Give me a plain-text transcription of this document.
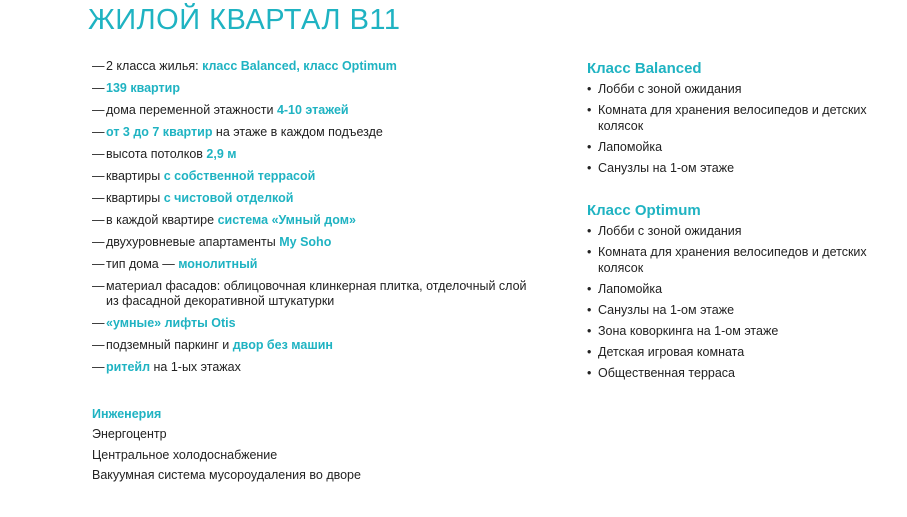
ЖИЛОЙ КВАРТАЛ В11
— 2 класса жилья: класс Balanced, класс Optimum
— 139 квартир
— дома переменной этажности 4-10 этажей
— от 3 до 7 квартир на этаже в каждом подъезде
— высота потолков 2,9 м
— квартиры с собственной террасой
— квартиры с чистовой отделкой
— в каждой квартире система «Умный дом»
— двухуровневые апартаменты My Soho
— тип дома — монолитный
— материал фасадов: облицовочная клинкерная плитка, отделочный слой из фасадной декоративной штукатурки
— «умные» лифты Otis
— подземный паркинг и двор без машин
— ритейл на 1-ых этажах
Инженерия
Энергоцентр
Центральное холодоснабжение
Вакуумная система мусороудаления во дворе
Класс Balanced
• Лобби с зоной ожидания
• Комната для хранения велосипедов и детских колясок
• Лапомойка
• Санузлы на 1-ом этаже
Класс Optimum
• Лобби с зоной ожидания
• Комната для хранения велосипедов и детских колясок
• Лапомойка
• Санузлы на 1-ом этаже
• Зона коворкинга на 1-ом этаже
• Детская игровая комната
• Общественная терраса
